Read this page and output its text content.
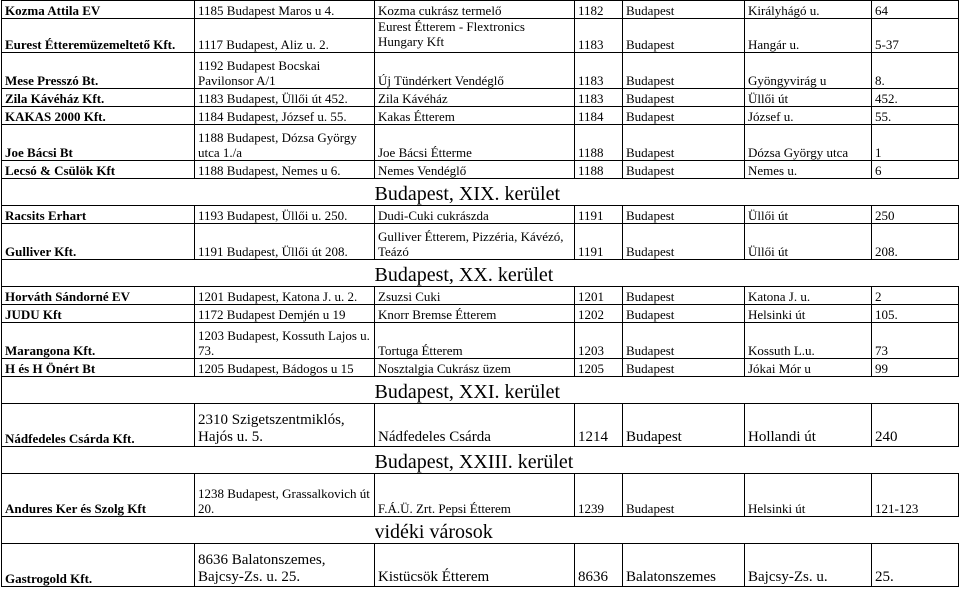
Kozma Attila EV	1185 Budapest Maros u 4.	Kozma cukrász termelő	1182	Budapest	Királyhágó u.	64
Eurest Étteremüzemeltető Kft.	1117 Budapest, Aliz u. 2.	Eurest Étterem - Flextronics Hungary Kft	1183	Budapest	Hangár u.	5-37
Mese Presszó Bt.	1192 Budapest Bocskai Pavilonsor A/1	Új Tündérkert Vendéglő	1183	Budapest	Gyöngyvirág u	8.
Zila Kávéház Kft.	1183 Budapest, Üllői út 452.	Zila Kávéház	1183	Budapest	Üllői út	452.
KAKAS 2000 Kft.	1184 Budapest, József u. 55.	Kakas Étterem	1184	Budapest	József u.	55.
Joe Bácsi Bt	1188 Budapest, Dózsa György utca 1./a	Joe Bácsi Étterme	1188	Budapest	Dózsa György utca	1
Lecsó & Csülök Kft	1188 Budapest, Nemes u 6.	Nemes Vendéglő	1188	Budapest	Nemes u.	6
		Budapest, XIX. kerület				
Racsits Erhart	1193 Budapest, Üllői u. 250.	Dudi-Cuki cukrászda	1191	Budapest	Üllői út	250
Gulliver Kft.	1191 Budapest, Üllői út 208.	Gulliver Étterem, Pizzéria, Kávézó, Teázó	1191	Budapest	Üllői út	208.
		Budapest, XX. kerület				
Horváth Sándorné EV	1201 Budapest, Katona J. u. 2.	Zsuzsi Cuki	1201	Budapest	Katona J. u.	2
JUDU Kft	1172 Budapest Demjén u 19	Knorr Bremse Étterem	1202	Budapest	Helsinki út	105.
Marangona Kft.	1203 Budapest, Kossuth Lajos u. 73.	Tortuga Étterem	1203	Budapest	Kossuth L.u.	73
H és H Önért Bt	1205 Budapest, Bádogos u 15	Nosztalgia Cukrász üzem	1205	Budapest	Jókai Mór u	99
		Budapest, XXI. kerület				
Nádfedeles Csárda Kft.	2310 Szigetszentmiklós, Hajós u. 5.	Nádfedeles Csárda	1214	Budapest	Hollandi út	240
		Budapest, XXIII. kerület				
Andures Ker és Szolg Kft	1238 Budapest, Grassalkovich út 20.	F.Á.Ü. Zrt. Pepsi Étterem	1239	Budapest	Helsinki út	121-123
		vidéki városok				
Gastrogold Kft.	8636 Balatonszemes, Bajcsy-Zs. u. 25.	Kistücsök Étterem	8636	Balatonszemes	Bajcsy-Zs. u.	25.
